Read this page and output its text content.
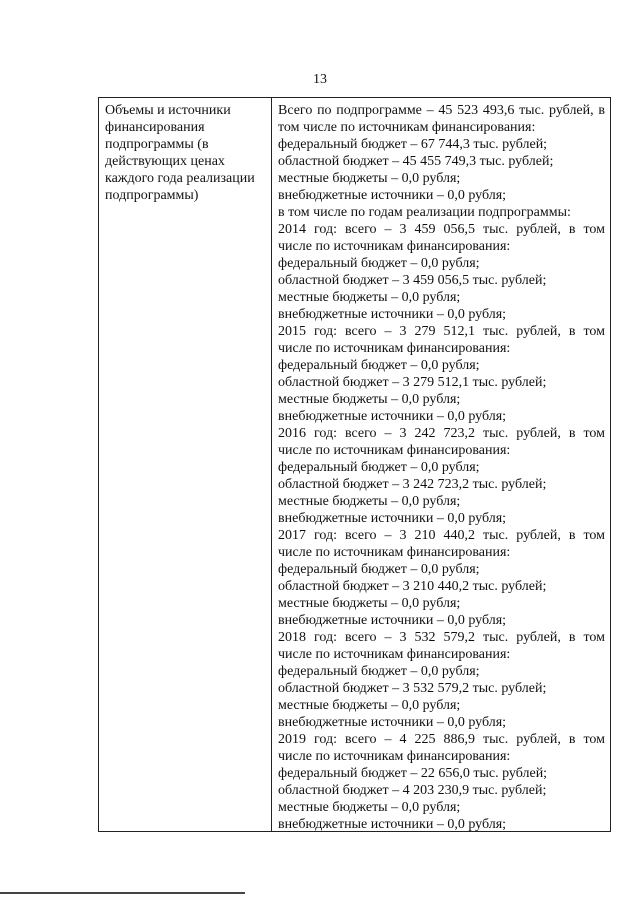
13
Объемы и источники
финансирования
подпрограммы (в
действующих ценах
каждого года реализации
подпрограммы)
Всего по подпрограмме – 45 523 493,6 тыс. рублей, в
том числе по источникам финансирования:
федеральный бюджет – 67 744,3 тыс. рублей;
областной бюджет – 45 455 749,3 тыс. рублей;
местные бюджеты – 0,0 рубля;
внебюджетные источники – 0,0 рубля;
в том числе по годам реализации подпрограммы:
2014 год: всего – 3 459 056,5 тыс. рублей, в том
числе по источникам финансирования:
федеральный бюджет – 0,0 рубля;
областной бюджет – 3 459 056,5 тыс. рублей;
местные бюджеты – 0,0 рубля;
внебюджетные источники – 0,0 рубля;
2015 год: всего – 3 279 512,1 тыс. рублей, в том
числе по источникам финансирования:
федеральный бюджет – 0,0 рубля;
областной бюджет – 3 279 512,1 тыс. рублей;
местные бюджеты – 0,0 рубля;
внебюджетные источники – 0,0 рубля;
2016 год: всего – 3 242 723,2 тыс. рублей, в том
числе по источникам финансирования:
федеральный бюджет – 0,0 рубля;
областной бюджет – 3 242 723,2 тыс. рублей;
местные бюджеты – 0,0 рубля;
внебюджетные источники – 0,0 рубля;
2017 год: всего – 3 210 440,2 тыс. рублей, в том
числе по источникам финансирования:
федеральный бюджет – 0,0 рубля;
областной бюджет – 3 210 440,2 тыс. рублей;
местные бюджеты – 0,0 рубля;
внебюджетные источники – 0,0 рубля;
2018 год: всего – 3 532 579,2 тыс. рублей, в том
числе по источникам финансирования:
федеральный бюджет – 0,0 рубля;
областной бюджет – 3 532 579,2 тыс. рублей;
местные бюджеты – 0,0 рубля;
внебюджетные источники – 0,0 рубля;
2019 год: всего – 4 225 886,9 тыс. рублей, в том
числе по источникам финансирования:
федеральный бюджет – 22 656,0 тыс. рублей;
областной бюджет – 4 203 230,9 тыс. рублей;
местные бюджеты – 0,0 рубля;
внебюджетные источники – 0,0 рубля;
